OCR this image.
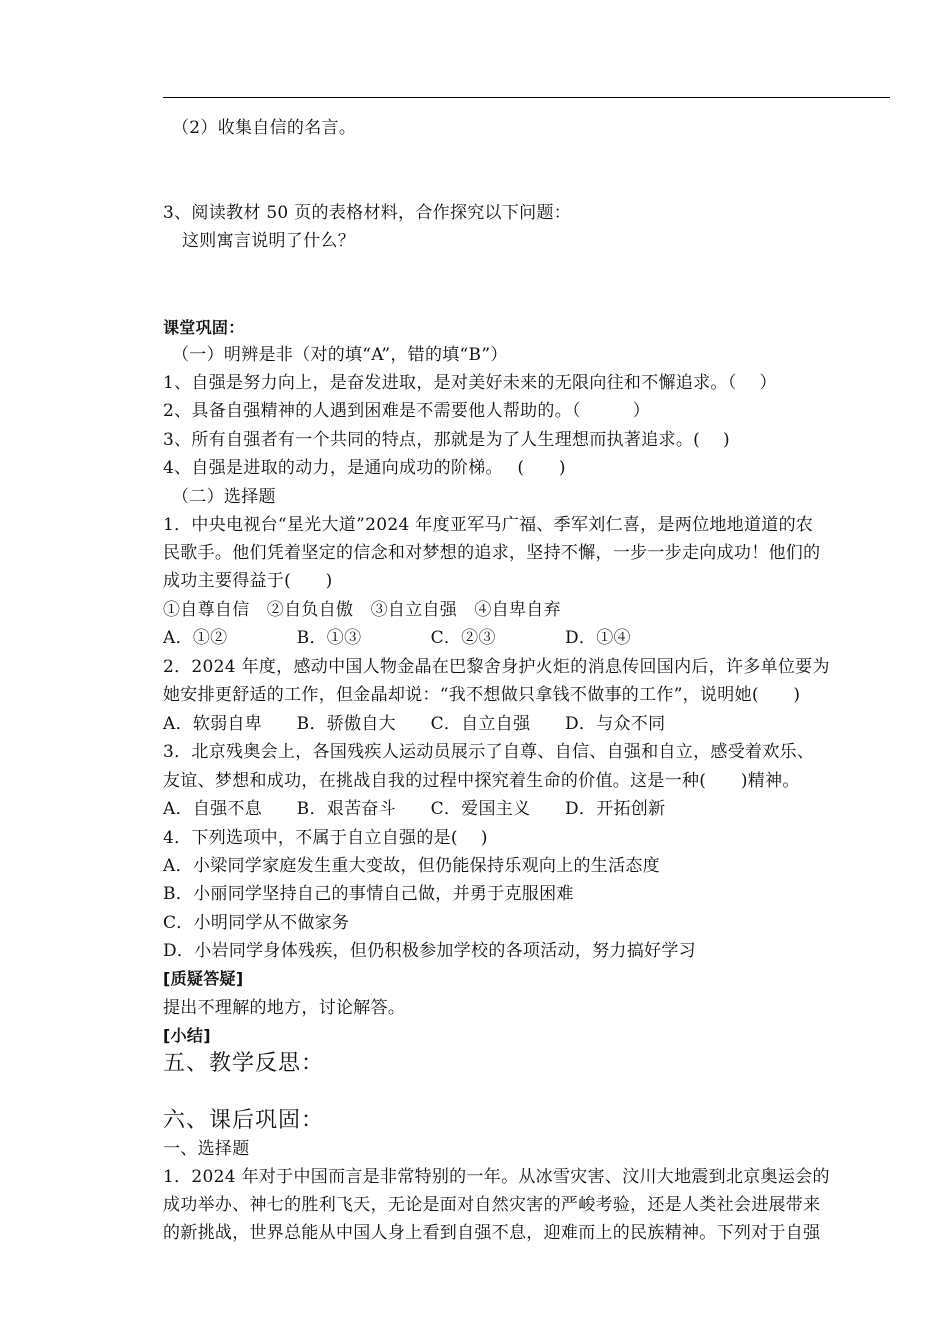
（2）收集自信的名言。
3、阅读教材 50 页的表格材料，合作探究以下问题：
这则寓言说明了什么？
课堂巩固：
（一）明辨是非（对的填“A”，错的填“B”）
1、自强是努力向上，是奋发进取，是对美好未来的无限向往和不懈追求。（　 ）
2、具备自强精神的人遇到困难是不需要他人帮助的。（　　　）
3、所有自强者有一个共同的特点，那就是为了人生理想而执著追求。(　 )
4、自强是进取的动力，是通向成功的阶梯。　 (　　)
（二）选择题
1．中央电视台“星光大道”2024 年度亚军马广福、季军刘仁喜，是两位地地道道的农
民歌手。他们凭着坚定的信念和对梦想的追求，坚持不懈，一步一步走向成功！他们的
成功主要得益于(　　)
①自尊自信　②自负自傲　③自立自强　④自卑自弃
A．①②　　　　B．①③　　　　C．②③　　　　D．①④
2．2024 年度，感动中国人物金晶在巴黎舍身护火炬的消息传回国内后，许多单位要为
她安排更舒适的工作，但金晶却说：“我不想做只拿钱不做事的工作”，说明她(　　)
A．软弱自卑　　B．骄傲自大　　C．自立自强　　D．与众不同
3．北京残奥会上，各国残疾人运动员展示了自尊、自信、自强和自立，感受着欢乐、
友谊、梦想和成功，在挑战自我的过程中探究着生命的价值。这是一种(　　)精神。
A．自强不息　　B．艰苦奋斗　　C．爱国主义　　D．开拓创新
4．下列选项中，不属于自立自强的是(　 )
A．小梁同学家庭发生重大变故，但仍能保持乐观向上的生活态度
B．小丽同学坚持自己的事情自己做，并勇于克服困难
C．小明同学从不做家务
D．小岩同学身体残疾，但仍积极参加学校的各项活动，努力搞好学习
[质疑答疑]
提出不理解的地方，讨论解答。
[小结]
五、教学反思：
六、课后巩固：
一、选择题
1．2024 年对于中国而言是非常特别的一年。从冰雪灾害、汶川大地震到北京奥运会的
成功举办、神七的胜利飞天，无论是面对自然灾害的严峻考验，还是人类社会进展带来
的新挑战，世界总能从中国人身上看到自强不息，迎难而上的民族精神。下列对于自强
